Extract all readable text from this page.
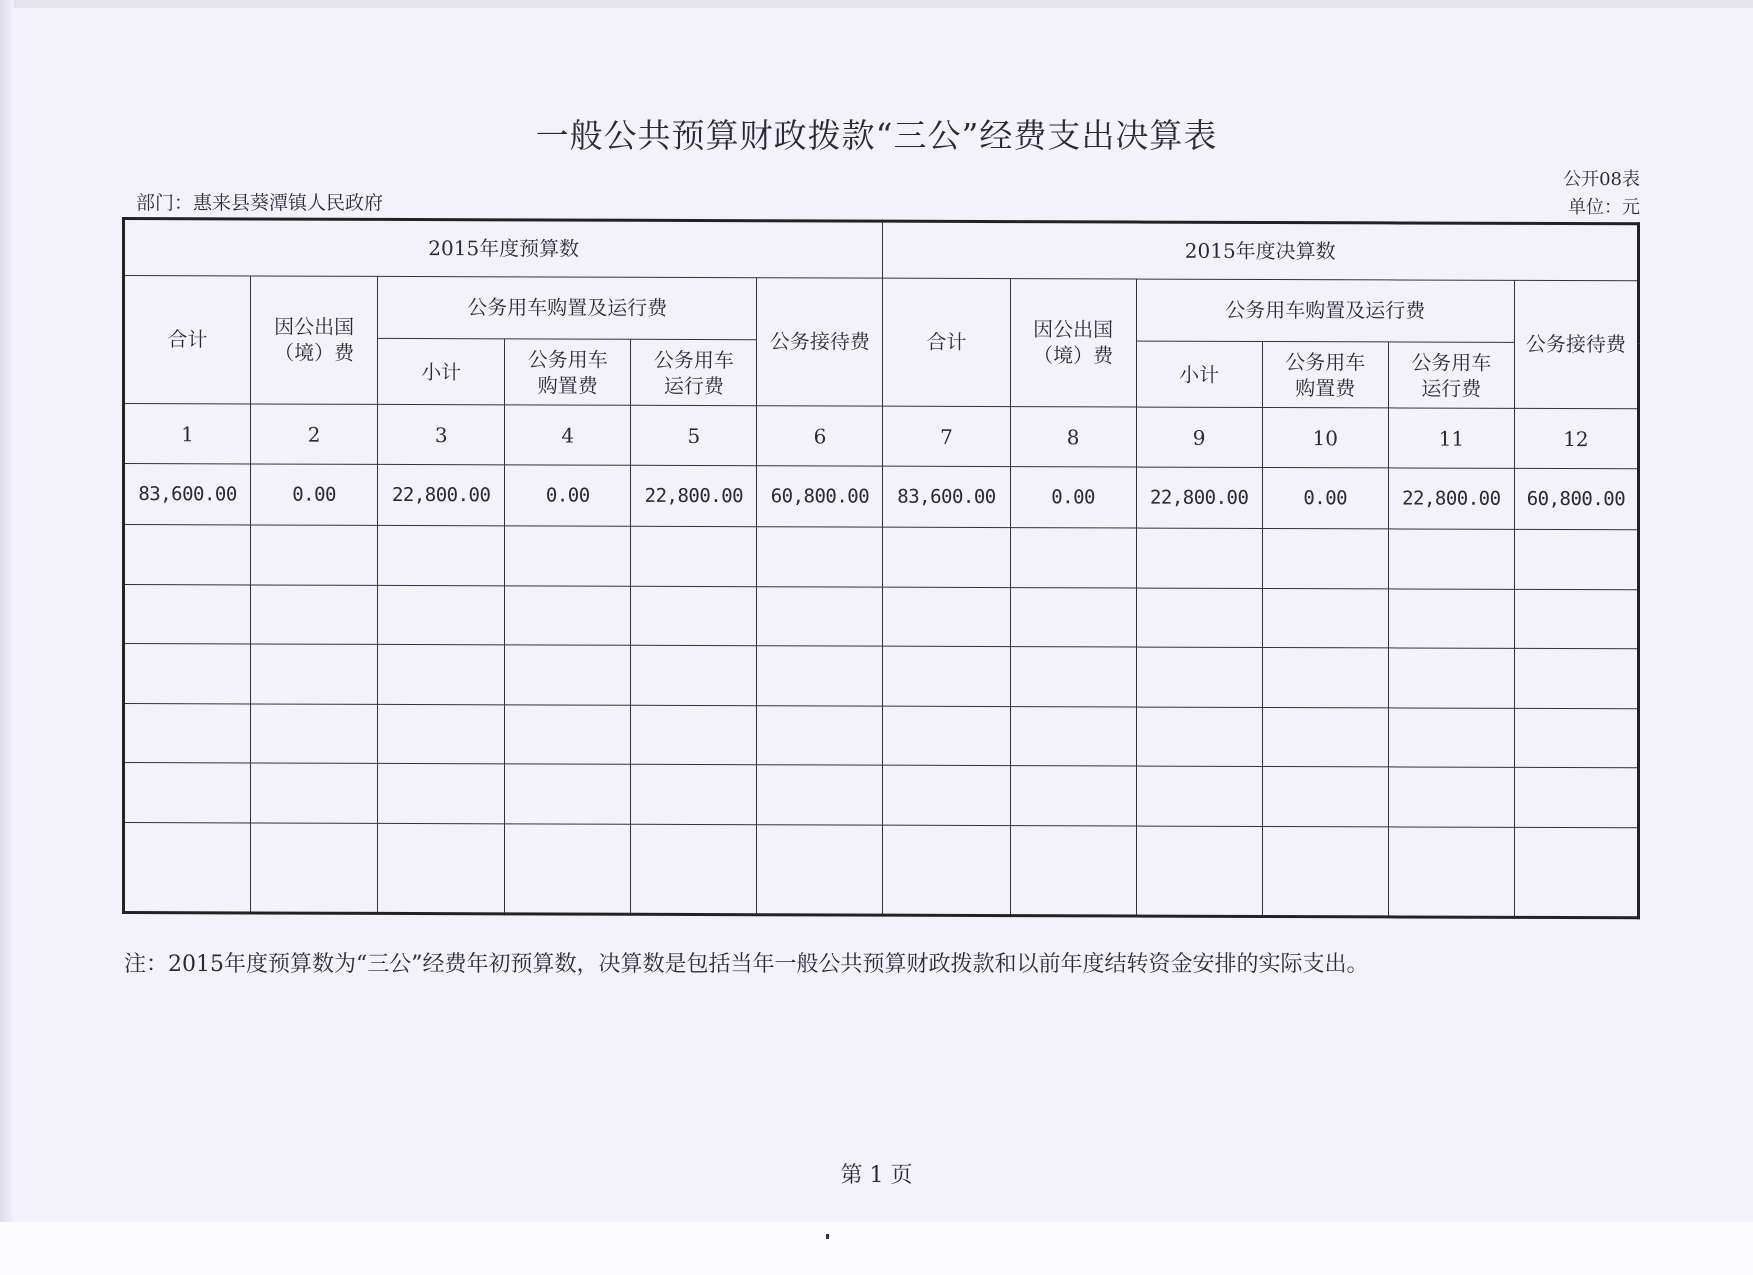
一般公共预算财政拨款“三公”经费支出决算表
部门：惠来县葵潭镇人民政府
公开08表
单位：元
2015年度预算数						2015年度决算数					
合计	因公出国（境）费	公务用车购置及运行费			公务接待费	合计	因公出国（境）费	公务用车购置及运行费			公务接待费
		小计	公务用车购置费	公务用车运行费				小计	公务用车购置费	公务用车运行费	
1	2	3	4	5	6	7	8	9	10	11	12
83,600.00	0.00	22,800.00	0.00	22,800.00	60,800.00	83,600.00	0.00	22,800.00	0.00	22,800.00	60,800.00

注：2015年度预算数为“三公”经费年初预算数，决算数是包括当年一般公共预算财政拨款和以前年度结转资金安排的实际支出。
第 1 页
